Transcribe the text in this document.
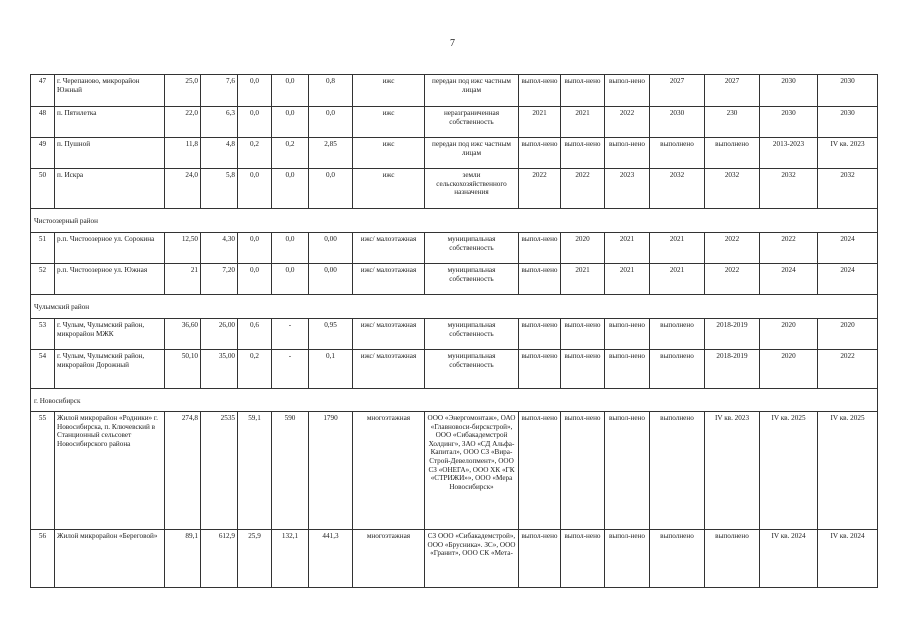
7
47	г. Черепаново, микрорайон Южный	25,0	7,6	0,0	0,0	0,8	ижс	передан под ижс частным лицам	выпол-нено	выпол-нено	выпол-нено	2027	2027	2030	2030
48	п. Пятилетка	22,0	6,3	0,0	0,0	0,0	ижс	неразграниченная собственность	2021	2021	2022	2030	230	2030	2030
49	п. Пушной	11,8	4,8	0,2	0,2	2,85	ижс	передан под ижс частным лицам	выпол-нено	выпол-нено	выпол-нено	выполнено	выполнено	2013-2023	IV кв. 2023
50	п. Искра	24,0	5,8	0,0	0,0	0,0	ижс	земли сельскохозяйственного назначения	2022	2022	2023	2032	2032	2032	2032
Чистоозерный район															
51	р.п. Чистоозерное ул. Сорокина	12,50	4,30	0,0	0,0	0,00	ижс/ малоэтажная	муниципальная собственность	выпол-нено	2020	2021	2021	2022	2022	2024
52	р.п. Чистоозерное ул. Южная	21	7,20	0,0	0,0	0,00	ижс/ малоэтажная	муниципальная собственность	выпол-нено	2021	2021	2021	2022	2024	2024
Чулымский район															
53	г. Чулым, Чулымский район, микрорайон МЖК	36,60	26,00	0,6	-	0,95	ижс/ малоэтажная	муниципальная собственность	выпол-нено	выпол-нено	выпол-нено	выполнено	2018-2019	2020	2020
54	г. Чулым, Чулымский район, микрорайон Дорожный	50,10	35,00	0,2	-	0,1	ижс/ малоэтажная	муниципальная собственность	выпол-нено	выпол-нено	выпол-нено	выполнено	2018-2019	2020	2022
г. Новосибирск															
55	Жилой микрорайон «Родники» г. Новосибирска, п. Ключевский в Станционный сельсовет Новосибирского района	274,8	2535	59,1	590	1790	многоэтажная	ООО «Энергомонтаж», ОАО «Главновоси-бирскстрой», ООО «Сибакадемстрой Холдинг», ЗАО «СД Альфа-Капитал», ООО СЗ «Вира-Строй-Девелопмент», ООО СЗ «ОНЕГА», ООО ХК «ГК «СТРИЖИ»», ООО «Мера Новосибирск»	выпол-нено	выпол-нено	выпол-нено	выполнено	IV кв. 2023	IV кв. 2025	IV кв. 2025
56	Жилой микрорайон «Береговой»	89,1	612,9	25,9	132,1	441,3	многоэтажная	СЗ ООО «Сибакадемстрой», ООО «Брусника». ЗС», ООО «Гранит», ООО СК «Мета-	выпол-нено	выпол-нено	выпол-нено	выполнено	выполнено	IV кв. 2024	IV кв. 2024
